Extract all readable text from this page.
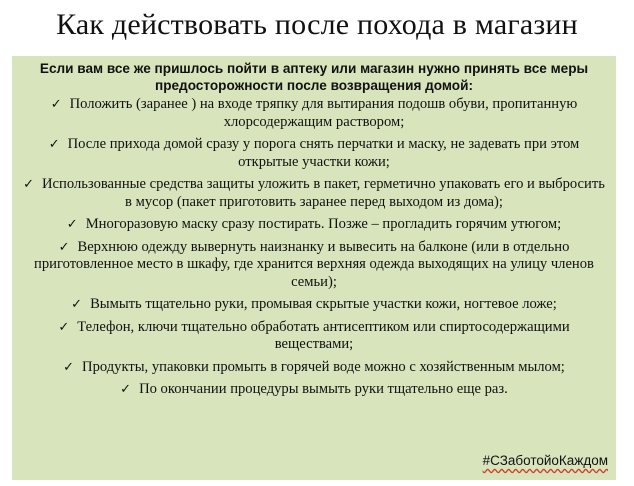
Как действовать после похода в магазин
Если вам все же пришлось пойти в аптеку или магазин нужно принять все меры предосторожности после возвращения домой:
✓ Положить (заранее ) на входе тряпку для вытирания подошв обуви, пропитанную хлорсодержащим раствором;
✓ После прихода домой сразу у порога снять перчатки и маску, не задевать при этом открытые участки кожи;
✓ Использованные средства защиты уложить в пакет, герметично упаковать его и выбросить в мусор (пакет приготовить заранее перед выходом из дома);
✓ Многоразовую маску сразу постирать. Позже – прогладить горячим утюгом;
✓ Верхнюю одежду вывернуть наизнанку и вывесить на балконе (или в отдельно приготовленное место в шкафу, где хранится верхняя одежда выходящих на улицу членов семьи);
✓ Вымыть тщательно руки, промывая скрытые участки кожи, ногтевое ложе;
✓ Телефон, ключи тщательно обработать антисептиком или спиртосодержащими веществами;
✓ Продукты, упаковки промыть в горячей воде можно с хозяйственным мылом;
✓ По окончании процедуры вымыть руки тщательно еще раз.
#СЗаботойоКаждом
